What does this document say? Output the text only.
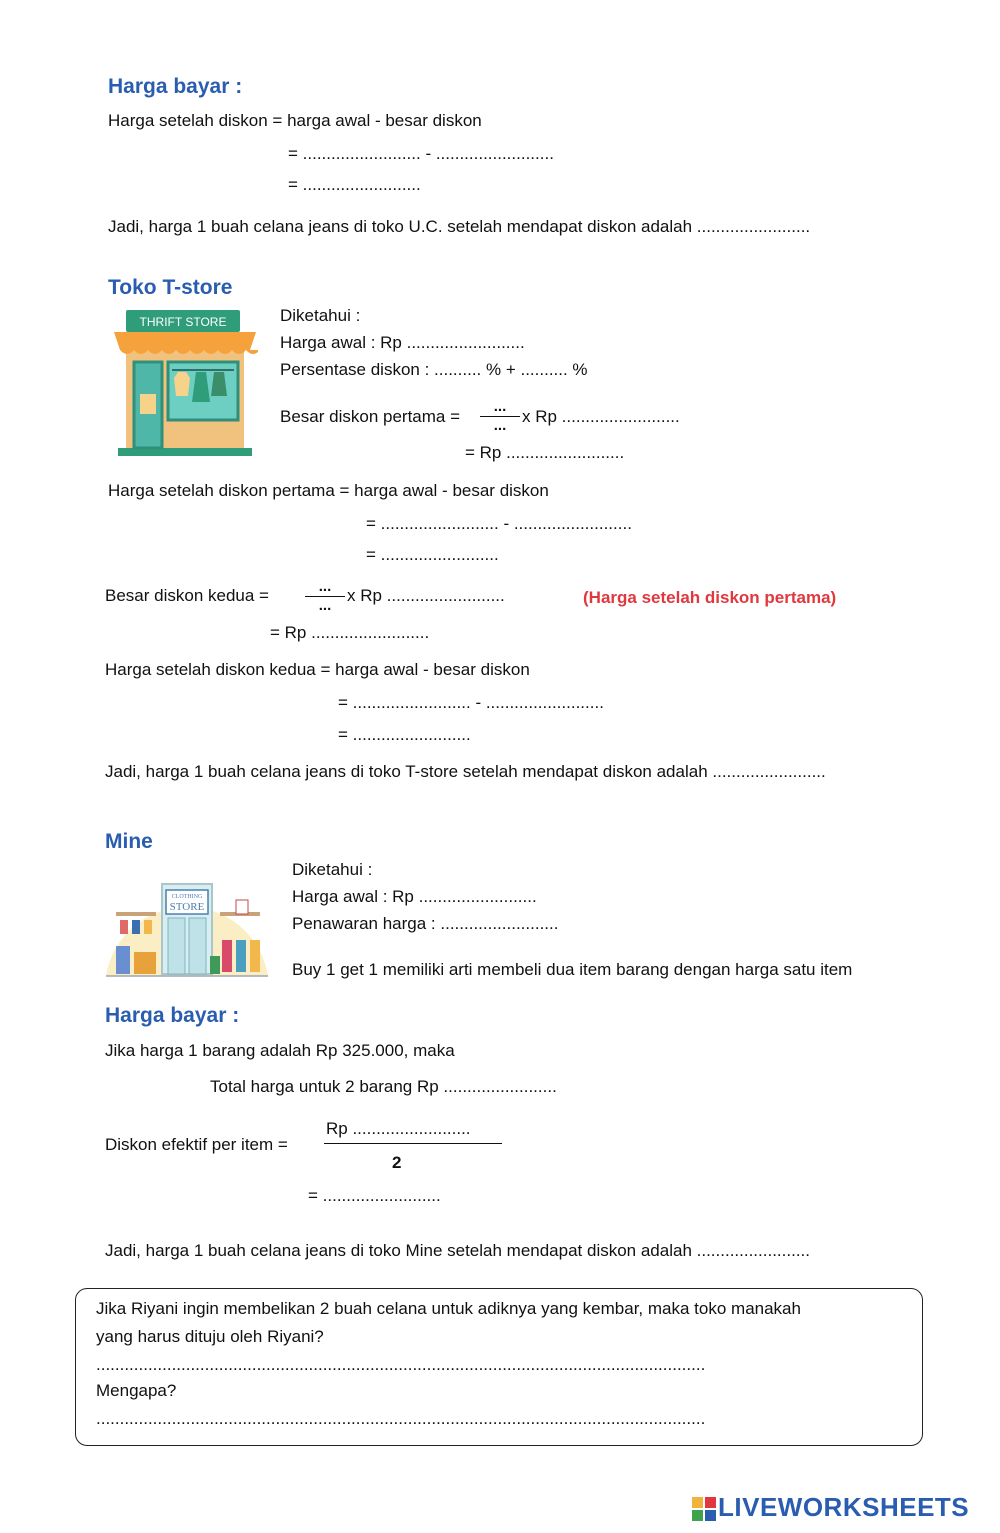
Harga bayar :
Harga setelah diskon = harga awal - besar diskon
= ......................... - .........................
= .........................
Jadi, harga 1 buah celana jeans di toko U.C. setelah mendapat diskon adalah ........................
Toko T-store
THRIFT STORE	Diketahui :
Harga awal : Rp .........................
Persentase diskon : .......... % + .......... %
Besar diskon pertama =
...
... x Rp .........................
= Rp .........................
Harga setelah diskon pertama = harga awal - besar diskon
= ......................... - .........................
= .........................
Besar diskon kedua =	...
...
x Rp .........................	(Harga setelah diskon pertama)
= Rp .........................
Harga setelah diskon kedua = harga awal - besar diskon
= ......................... - .........................
= .........................
Jadi, harga 1 buah celana jeans di toko T-store setelah mendapat diskon adalah ........................
Mine
CLOTHING
STORE
Diketahui :
Harga awal : Rp .........................
Penawaran harga : .........................
Buy 1 get 1 memiliki arti membeli dua item barang dengan harga satu item
Harga bayar :
Jika harga 1 barang adalah Rp 325.000, maka
Total harga untuk 2 barang Rp ........................
Diskon efektif per item =
Rp .........................
2
= .........................
Jadi, harga 1 buah celana jeans di toko Mine setelah mendapat diskon adalah ........................
Jika Riyani ingin membelikan 2 buah celana untuk adiknya yang kembar, maka toko manakah
yang harus dituju oleh Riyani?
.................................................................................................................................
Mengapa?
.................................................................................................................................
LIVEWORKSHEETS
